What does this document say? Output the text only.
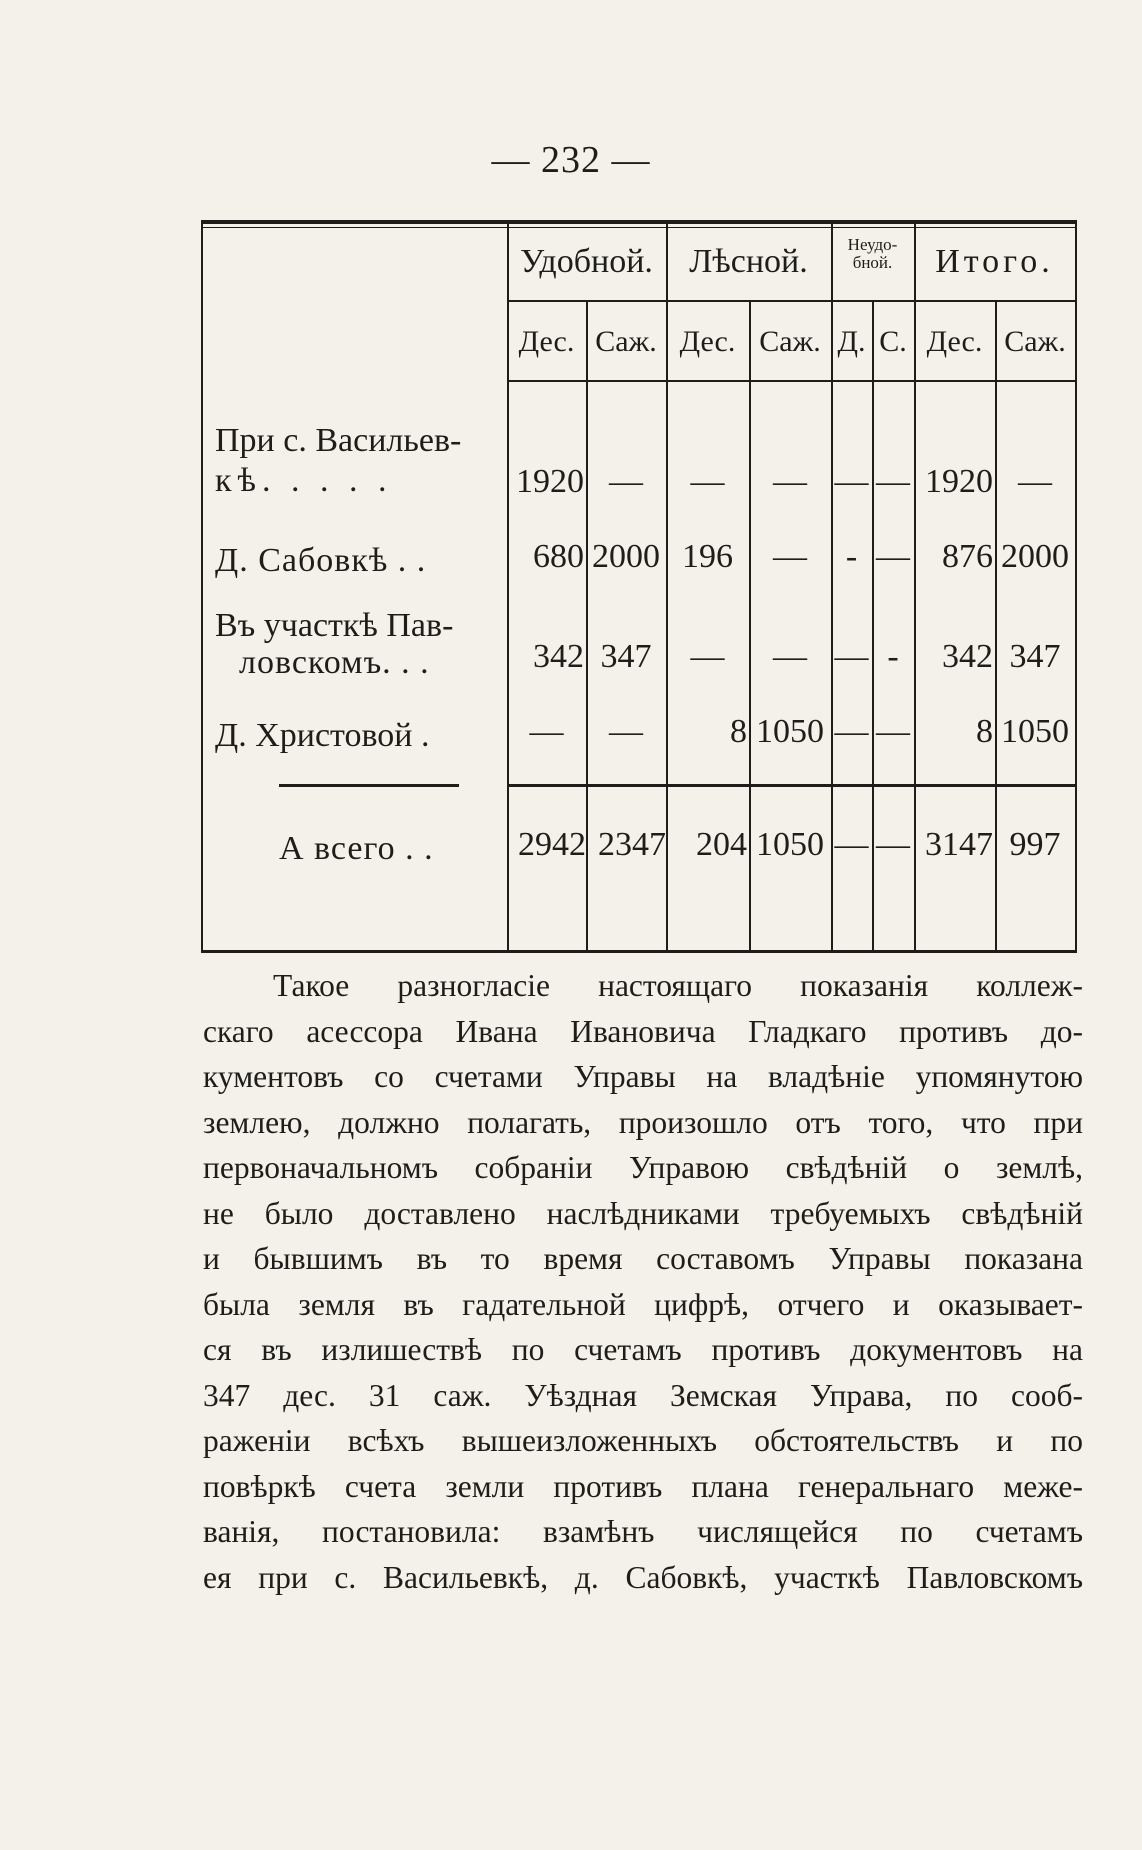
— 232 —
Удобной.	Лѣсной.	Неудо-
бной.	Итого.
Дес. Саж. Дес. Саж. Д. С. Дес. Саж.
При с. Васильев-
кѣ. . . . .	1920 —	—	— — — 1920 —
Д. Сабовкѣ . .	680 2000 196	—	- — 876 2000
Въ участкѣ Пав-
ловскомъ. . .	342 347	—	— — -	342 347
Д. Христовой .	—	—	8 1050 — —	8 1050
А всего . .	2942 2347 204 1050 — — 3147 997
Такое разногласіе настоящаго показанія коллеж-
скаго асессора Ивана Ивановича Гладкаго противъ до-
кументовъ со счетами Управы на владѣніе упомянутою
землею, должно полагать, произошло отъ того, что при
первоначальномъ собраніи Управою свѣдѣній о землѣ,
не было доставлено наслѣдниками требуемыхъ свѣдѣній
и бывшимъ въ то время составомъ Управы показана
была земля въ гадательной цифрѣ, отчего и оказывает-
ся въ излишествѣ по счетамъ противъ документовъ на
347 дес. 31 саж. Уѣздная Земская Управа, по сооб-
раженіи всѣхъ вышеизложенныхъ обстоятельствъ и по
повѣркѣ счета земли противъ плана генеральнаго меже-
ванія, постановила: взамѣнъ числящейся по счетамъ
ея при с. Васильевкѣ, д. Сабовкѣ, участкѣ Павловскомъ
